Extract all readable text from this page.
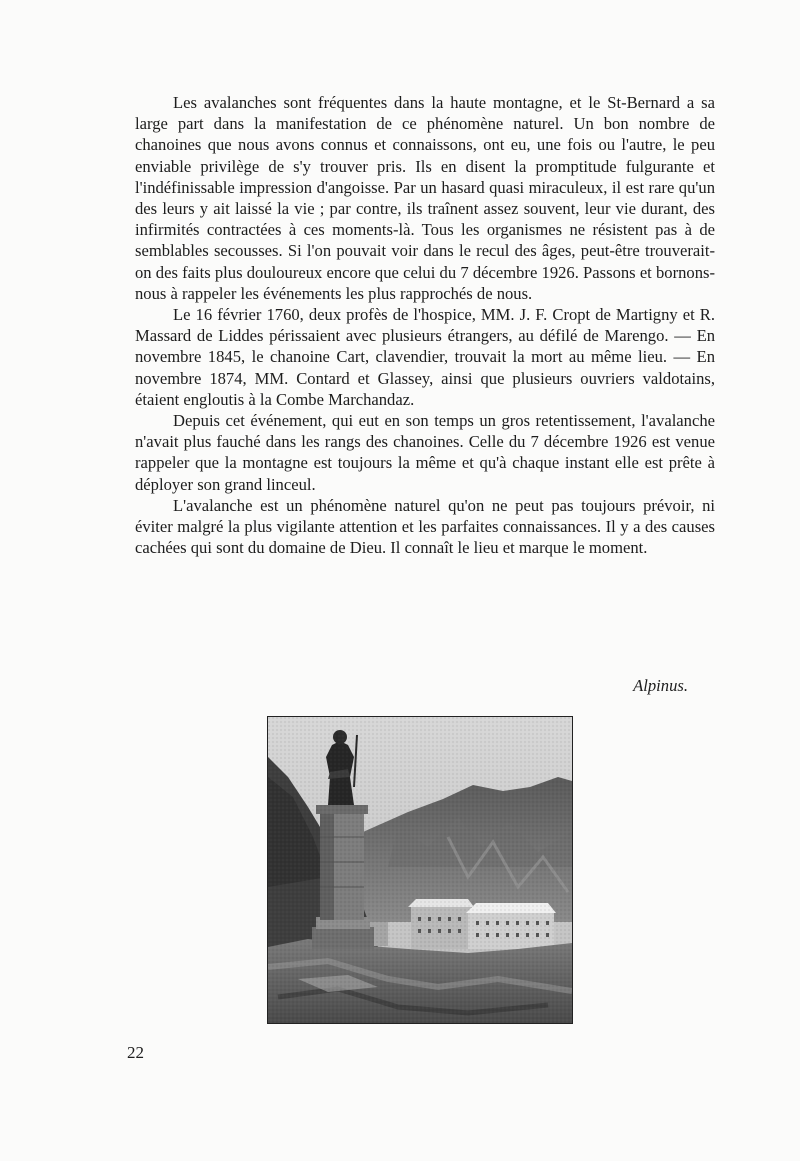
Les avalanches sont fréquentes dans la haute montagne, et le St-Bernard a sa large part dans la manifestation de ce phénomène naturel. Un bon nombre de chanoines que nous avons connus et connaissons, ont eu, une fois ou l'autre, le peu enviable privilège de s'y trouver pris. Ils en disent la promptitude fulgurante et l'indéfinissable impression d'angoisse. Par un hasard quasi miraculeux, il est rare qu'un des leurs y ait laissé la vie ; par contre, ils traînent assez souvent, leur vie durant, des infirmités contractées à ces moments-là. Tous les organismes ne résistent pas à de semblables secousses. Si l'on pouvait voir dans le recul des âges, peut-être trouverait-on des faits plus douloureux encore que celui du 7 décembre 1926. Passons et bornons-nous à rappeler les événements les plus rapprochés de nous.

Le 16 février 1760, deux profès de l'hospice, MM. J. F. Cropt de Martigny et R. Massard de Liddes périssaient avec plusieurs étrangers, au défilé de Marengo. — En novembre 1845, le chanoine Cart, clavendier, trouvait la mort au même lieu. — En novembre 1874, MM. Contard et Glassey, ainsi que plusieurs ouvriers valdotains, étaient engloutis à la Combe Marchandaz.

Depuis cet événement, qui eut en son temps un gros retentissement, l'avalanche n'avait plus fauché dans les rangs des chanoines. Celle du 7 décembre 1926 est venue rappeler que la montagne est toujours la même et qu'à chaque instant elle est prête à déployer son grand linceul.

L'avalanche est un phénomène naturel qu'on ne peut pas toujours prévoir, ni éviter malgré la plus vigilante attention et les parfaites connaissances. Il y a des causes cachées qui sont du domaine de Dieu. Il connaît le lieu et marque le moment.

Alpinus.
22
